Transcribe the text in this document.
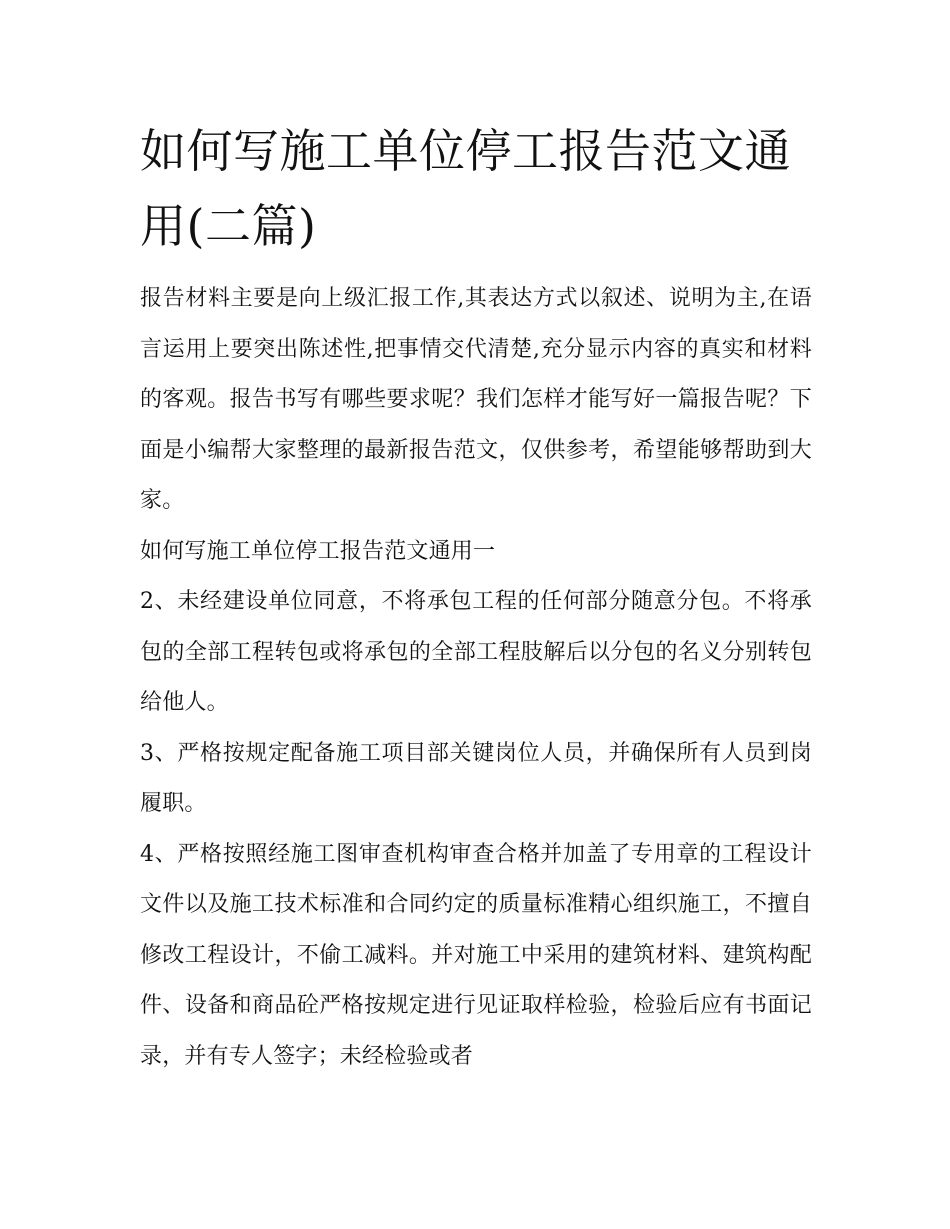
如何写施工单位停工报告范文通用(二篇)

报告材料主要是向上级汇报工作,其表达方式以叙述、说明为主,在语言运用上要突出陈述性,把事情交代清楚,充分显示内容的真实和材料的客观。报告书写有哪些要求呢？我们怎样才能写好一篇报告呢？下面是小编帮大家整理的最新报告范文，仅供参考，希望能够帮助到大家。

如何写施工单位停工报告范文通用一

2、未经建设单位同意，不将承包工程的任何部分随意分包。不将承包的全部工程转包或将承包的全部工程肢解后以分包的名义分别转包给他人。

3、严格按规定配备施工项目部关键岗位人员，并确保所有人员到岗履职。

4、严格按照经施工图审查机构审查合格并加盖了专用章的工程设计文件以及施工技术标准和合同约定的质量标准精心组织施工，不擅自修改工程设计，不偷工减料。并对施工中采用的建筑材料、建筑构配件、设备和商品砼严格按规定进行见证取样检验，检验后应有书面记录，并有专人签字；未经检验或者
